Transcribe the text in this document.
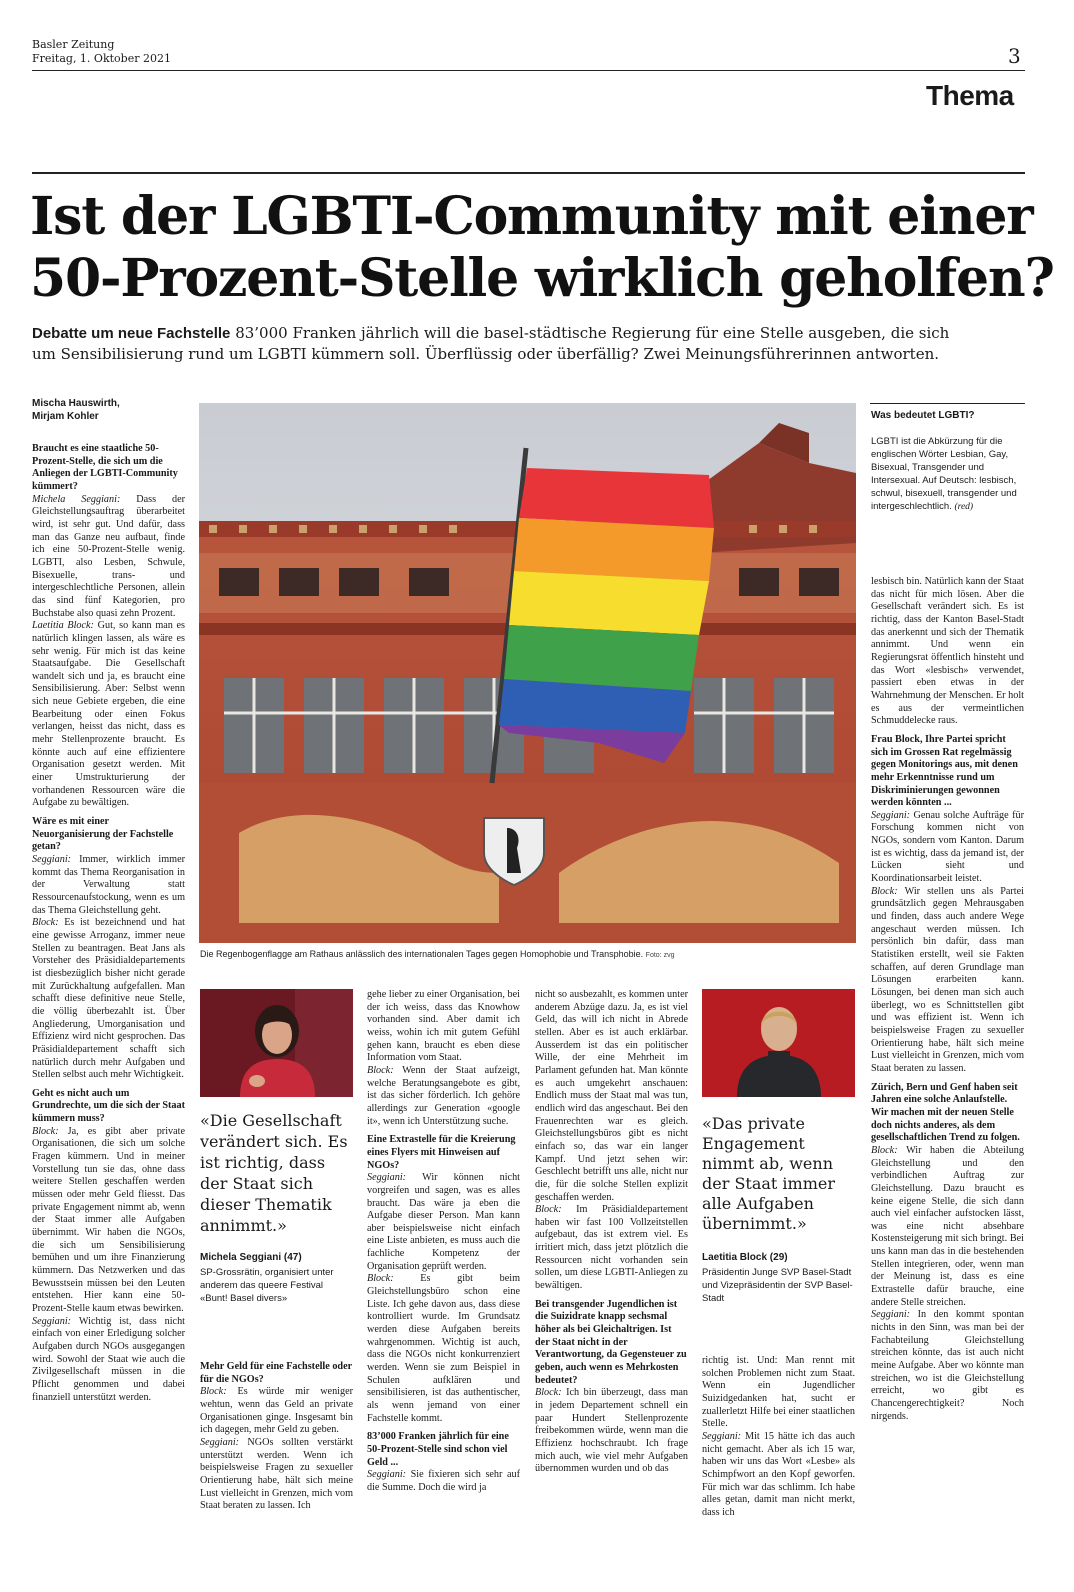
Basler Zeitung
Freitag, 1. Oktober 2021	3
Thema
Ist der LGBTI-Community mit einer
50-Prozent-Stelle wirklich geholfen?
Debatte um neue Fachstelle 83’000 Franken jährlich will die basel-städtische Regierung für eine Stelle ausgeben, die sich
um Sensibilisierung rund um LGBTI kümmern soll. Überflüssig oder überfällig? Zwei Meinungsführerinnen antworten.
Mischa Hauswirth,
Mirjam Kohler
Die Regenbogenflagge am Rathaus anlässlich des internationalen Tages gegen Homophobie und Transphobie. Foto: zvg
Was bedeutet LGBTI?
LGBTI ist die Abkürzung für die englischen Wörter Lesbian, Gay, Bisexual, Transgender und Intersexual. Auf Deutsch: lesbisch, schwul, bisexuell, transgender und intergeschlechtlich. (red)
«Die Gesellschaft verändert sich. Es ist richtig, dass der Staat sich dieser Thematik annimmt.»
Michela Seggiani (47)
SP-Grossrätin, organisiert unter anderem das queere Festival «Bunt! Basel divers»
«Das private Engagement nimmt ab, wenn der Staat immer alle Aufgaben übernimmt.»
Laetitia Block (29)
Präsidentin Junge SVP Basel-Stadt und Vizepräsidentin der SVP Basel-Stadt

Braucht es eine staatliche 50-Prozent-Stelle, die sich um die Anliegen der LGBTI-Community kümmert?

Michela Seggiani: Dass der Gleichstellungsauftrag überarbeitet wird, ist sehr gut. Und dafür, dass man das Ganze neu aufbaut, finde ich eine 50-Prozent-Stelle wenig. LGBTI, also Lesben, Schwule, Bisexuelle, trans- und intergeschlechtliche Personen, allein das sind fünf Kategorien, pro Buchstabe also quasi zehn Prozent.

Laetitia Block: Gut, so kann man es natürlich klingen lassen, als wäre es sehr wenig. Für mich ist das keine Staatsaufgabe. Die Gesellschaft wandelt sich und ja, es braucht eine Sensibilisierung. Aber: Selbst wenn sich neue Gebiete ergeben, die eine Bearbeitung oder einen Fokus verlangen, heisst das nicht, dass es mehr Stellenprozente braucht. Es könnte auch auf eine effizientere Organisation gesetzt werden. Mit einer Umstrukturierung der vorhandenen Ressourcen wäre die Aufgabe zu bewältigen.

Wäre es mit einer Neuorganisierung der Fachstelle getan?

Seggiani: Immer, wirklich immer kommt das Thema Reorganisation in der Verwaltung statt Ressourcenaufstockung, wenn es um das Thema Gleichstellung geht.

Block: Es ist bezeichnend und hat eine gewisse Arroganz, immer neue Stellen zu beantragen. Beat Jans als Vorsteher des Präsidialdepartements ist diesbezüglich bisher nicht gerade mit Zurückhaltung aufgefallen. Man schafft diese definitive neue Stelle, die völlig überbezahlt ist. Über Angliederung, Umorganisation und Effizienz wird nicht gesprochen. Das Präsidialdepartement schafft sich natürlich durch mehr Aufgaben und Stellen selbst auch mehr Wichtigkeit.

Geht es nicht auch um Grundrechte, um die sich der Staat kümmern muss?

Block: Ja, es gibt aber private Organisationen, die sich um solche Fragen kümmern. Und in meiner Vorstellung tun sie das, ohne dass weitere Stellen geschaffen werden müssen oder mehr Geld fliesst. Das private Engagement nimmt ab, wenn der Staat immer alle Aufgaben übernimmt. Wir haben die NGOs, die sich um Sensibilisierung bemühen und um ihre Finanzierung kümmern. Das Netzwerken und das Bewusstsein müssen bei den Leuten entstehen. Hier kann eine 50-Prozent-Stelle kaum etwas bewirken.

Seggiani: Wichtig ist, dass nicht einfach von einer Erledigung solcher Aufgaben durch NGOs ausgegangen wird. Sowohl der Staat wie auch die Zivilgesellschaft müssen in die Pflicht genommen und dabei finanziell unterstützt werden.

Mehr Geld für eine Fachstelle oder für die NGOs?

Block: Es würde mir weniger wehtun, wenn das Geld an private Organisationen ginge. Insgesamt bin ich dagegen, mehr Geld zu geben.

Seggiani: NGOs sollten verstärkt unterstützt werden. Wenn ich beispielsweise Fragen zu sexueller Orientierung habe, hält sich meine Lust vielleicht in Grenzen, mich vom Staat beraten zu lassen. Ich

gehe lieber zu einer Organisation, bei der ich weiss, dass das Knowhow vorhanden sind. Aber damit ich weiss, wohin ich mit gutem Gefühl gehen kann, braucht es eben diese Information vom Staat.

Block: Wenn der Staat aufzeigt, welche Beratungsangebote es gibt, ist das sicher förderlich. Ich gehöre allerdings zur Generation «google it», wenn ich Unterstützung suche.

Eine Extrastelle für die Kreierung eines Flyers mit Hinweisen auf NGOs?

Seggiani: Wir können nicht vorgreifen und sagen, was es alles braucht. Das wäre ja eben die Aufgabe dieser Person. Man kann aber beispielsweise nicht einfach eine Liste anbieten, es muss auch die fachliche Kompetenz der Organisation geprüft werden.

Block: Es gibt beim Gleichstellungsbüro schon eine Liste. Ich gehe davon aus, dass diese kontrolliert wurde. Im Grundsatz werden diese Aufgaben bereits wahrgenommen. Wichtig ist auch, dass die NGOs nicht konkurrenziert werden. Wenn sie zum Beispiel in Schulen aufklären und sensibilisieren, ist das authentischer, als wenn jemand von einer Fachstelle kommt.

83’000 Franken jährlich für eine 50-Prozent-Stelle sind schon viel Geld ...

Seggiani: Sie fixieren sich sehr auf die Summe. Doch die wird ja

nicht so ausbezahlt, es kommen unter anderem Abzüge dazu. Ja, es ist viel Geld, das will ich nicht in Abrede stellen. Aber es ist auch erklärbar. Ausserdem ist das ein politischer Wille, der eine Mehrheit im Parlament gefunden hat. Man könnte es auch umgekehrt anschauen: Endlich muss der Staat mal was tun, endlich wird das angeschaut. Bei den Frauenrechten war es gleich. Gleichstellungsbüros gibt es nicht einfach so, das war ein langer Kampf. Und jetzt sehen wir: Geschlecht betrifft uns alle, nicht nur die, für die solche Stellen explizit geschaffen werden.

Block: Im Präsidialdepartement haben wir fast 100 Vollzeitstellen aufgebaut, das ist extrem viel. Es irritiert mich, dass jetzt plötzlich die Ressourcen nicht vorhanden sein sollen, um diese LGBTI-Anliegen zu bewältigen.

Bei transgender Jugendlichen ist die Suizidrate knapp sechsmal höher als bei Gleichaltrigen. Ist der Staat nicht in der Verantwortung, da Gegensteuer zu geben, auch wenn es Mehrkosten bedeutet?

Block: Ich bin überzeugt, dass man in jedem Departement schnell ein paar Hundert Stellenprozente freibekommen würde, wenn man die Effizienz hochschraubt. Ich frage mich auch, wie viel mehr Aufgaben übernommen wurden und ob das

richtig ist. Und: Man rennt mit solchen Problemen nicht zum Staat. Wenn ein Jugendlicher Suizidgedanken hat, sucht er zuallerletzt Hilfe bei einer staatlichen Stelle.

Seggiani: Mit 15 hätte ich das auch nicht gemacht. Aber als ich 15 war, haben wir uns das Wort «Lesbe» als Schimpfwort an den Kopf geworfen. Für mich war das schlimm. Ich habe alles getan, damit man nicht merkt, dass ich

lesbisch bin. Natürlich kann der Staat das nicht für mich lösen. Aber die Gesellschaft verändert sich. Es ist richtig, dass der Kanton Basel-Stadt das anerkennt und sich der Thematik annimmt. Und wenn ein Regierungsrat öffentlich hinsteht und das Wort «lesbisch» verwendet, passiert eben etwas in der Wahrnehmung der Menschen. Er holt es aus der vermeintlichen Schmuddelecke raus.

Frau Block, Ihre Partei spricht sich im Grossen Rat regelmässig gegen Monitorings aus, mit denen mehr Erkenntnisse rund um Diskriminierungen gewonnen werden könnten ...

Seggiani: Genau solche Aufträge für Forschung kommen nicht von NGOs, sondern vom Kanton. Darum ist es wichtig, dass da jemand ist, der Lücken sieht und Koordinationsarbeit leistet.

Block: Wir stellen uns als Partei grundsätzlich gegen Mehrausgaben und finden, dass auch andere Wege angeschaut werden müssen. Ich persönlich bin dafür, dass man Statistiken erstellt, weil sie Fakten schaffen, auf deren Grundlage man Lösungen erarbeiten kann. Lösungen, bei denen man sich auch überlegt, wo es Schnittstellen gibt und was effizient ist. Wenn ich beispielsweise Fragen zu sexueller Orientierung habe, hält sich meine Lust vielleicht in Grenzen, mich vom Staat beraten zu lassen.

Zürich, Bern und Genf haben seit Jahren eine solche Anlaufstelle. Wir machen mit der neuen Stelle doch nichts anderes, als dem gesellschaftlichen Trend zu folgen.

Block: Wir haben die Abteilung Gleichstellung und den verbindlichen Auftrag zur Gleichstellung. Dazu braucht es keine eigene Stelle, die sich dann auch viel einfacher aufstocken lässt, was eine nicht absehbare Kostensteigerung mit sich bringt. Bei uns kann man das in die bestehenden Stellen integrieren, oder, wenn man der Meinung ist, dass es eine Extrastelle dafür brauche, eine andere Stelle streichen.

Seggiani: In den kommt spontan nichts in den Sinn, was man bei der Fachabteilung Gleichstellung streichen könnte, das ist auch nicht meine Aufgabe. Aber wo könnte man streichen, wo ist die Gleichstellung erreicht, wo gibt es Chancengerechtigkeit? Noch nirgends.
